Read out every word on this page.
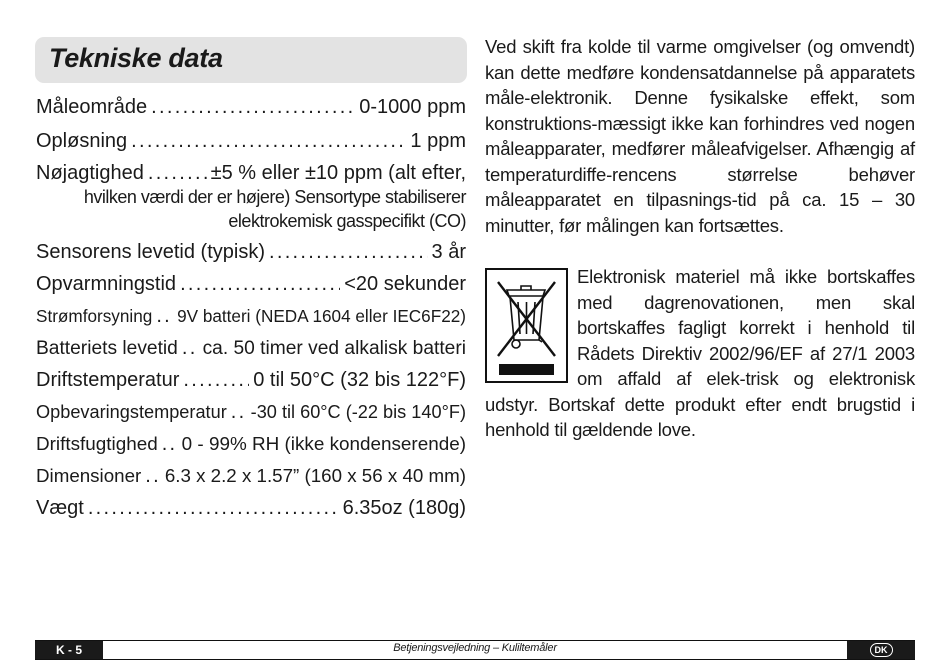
Tekniske data
Måleområde .....	0-1000 ppm
Opløsning .....	1 ppm
Nøjagtighed .....	±5 % eller ±10 ppm (alt efter,
hvilken værdi der er højere) Sensortype stabiliserer
elektrokemisk gasspecifikt (CO)
Sensorens levetid (typisk) .....	3 år
Opvarmningstid .....	<20 sekunder
Strømforsyning ..... 9V batteri (NEDA 1604 eller IEC6F22)
Batteriets levetid ..... ca. 50 timer ved alkalisk batteri
Driftstemperatur .....	0 til 50°C (32 bis 122°F)
Opbevaringstemperatur ..... -30 til 60°C (-22 bis 140°F)
Driftsfugtighed ..... 0 - 99% RH (ikke kondenserende)
Dimensioner ..... 6.3 x 2.2 x 1.57” (160 x 56 x 40 mm)
Vægt .....	6.35oz (180g)
Ved skift fra kolde til varme omgivelser (og omvendt) kan dette medføre kondensatdannelse på apparatets måle-elektronik. Denne fysikalske effekt, som konstruktions-mæssigt ikke kan forhindres ved nogen måleapparater, medfører måleafvigelser. Afhængig af temperaturdiffe-rencens størrelse behøver måleapparatet en tilpasnings-tid på ca. 15 – 30 minutter, før målingen kan fortsættes.
Elektronisk materiel må ikke bortskaffes med dagrenovationen, men skal bortskaffes fagligt korrekt i henhold til Rådets Direktiv 2002/96/EF af 27/1 2003 om affald af elek-trisk og elektronisk udstyr. Bortskaf dette produkt efter endt brugstid i henhold til gældende love.
K - 5	Betjeningsvejledning – Kuliltemåler	DK
